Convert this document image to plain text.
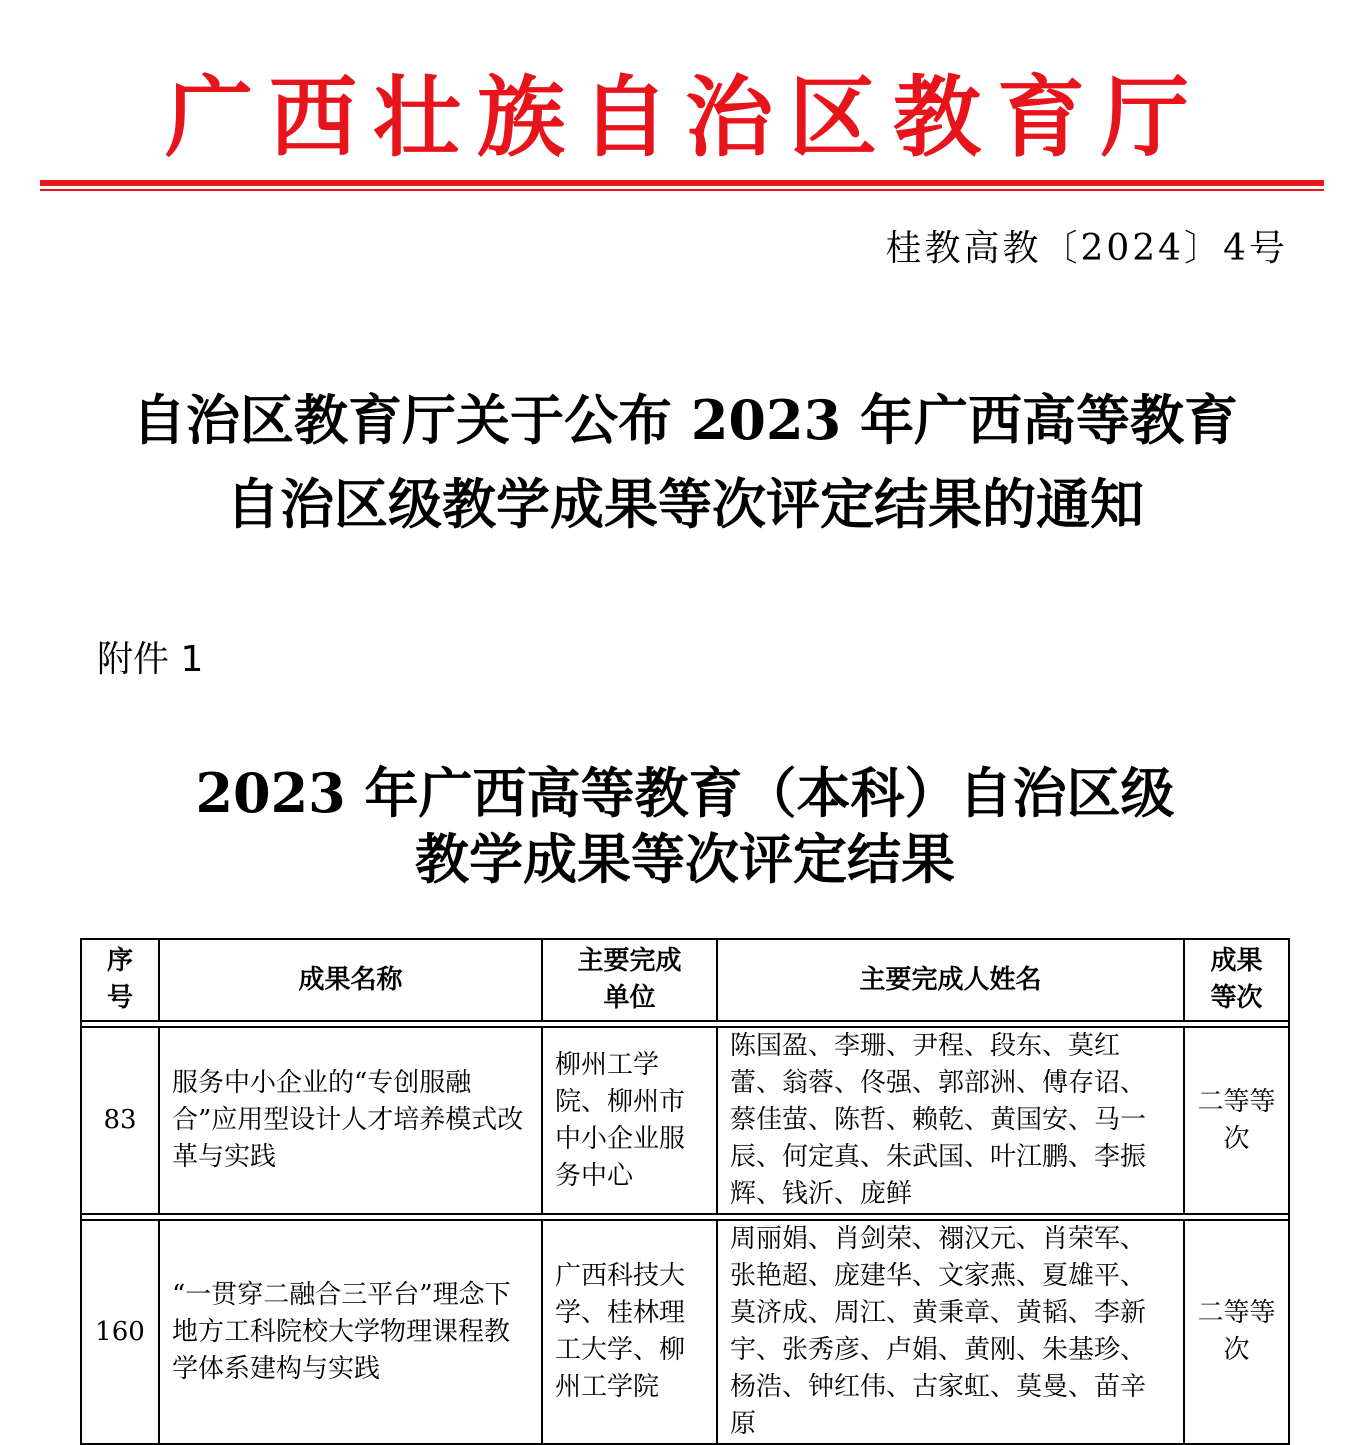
广西壮族自治区教育厅

桂教高教〔2024〕4号

自治区教育厅关于公布 2023 年广西高等教育
自治区级教学成果等次评定结果的通知

附件 1

2023 年广西高等教育（本科）自治区级
教学成果等次评定结果
序号	成果名称	主要完成单位	主要完成人姓名	成果等次

83	服务中小企业的“专创服融合”应用型设计人才培养模式改革与实践	柳州工学院、柳州市中小企业服务中心	陈国盈、李珊、尹程、段东、莫红蕾、翁蓉、佟强、郭部洲、傅存诏、蔡佳萤、陈哲、赖乾、黄国安、马一辰、何定真、朱武国、叶江鹏、李振辉、钱沂、庞鲜	二等等次

160	“一贯穿二融合三平台”理念下地方工科院校大学物理课程教学体系建构与实践	广西科技大学、桂林理工大学、柳州工学院	周丽娟、肖剑荣、禤汉元、肖荣军、张艳超、庞建华、文家燕、夏雄平、莫济成、周江、黄秉章、黄韬、李新宇、张秀彦、卢娟、黄刚、朱基珍、杨浩、钟红伟、古家虹、莫曼、苗辛原	二等等次
